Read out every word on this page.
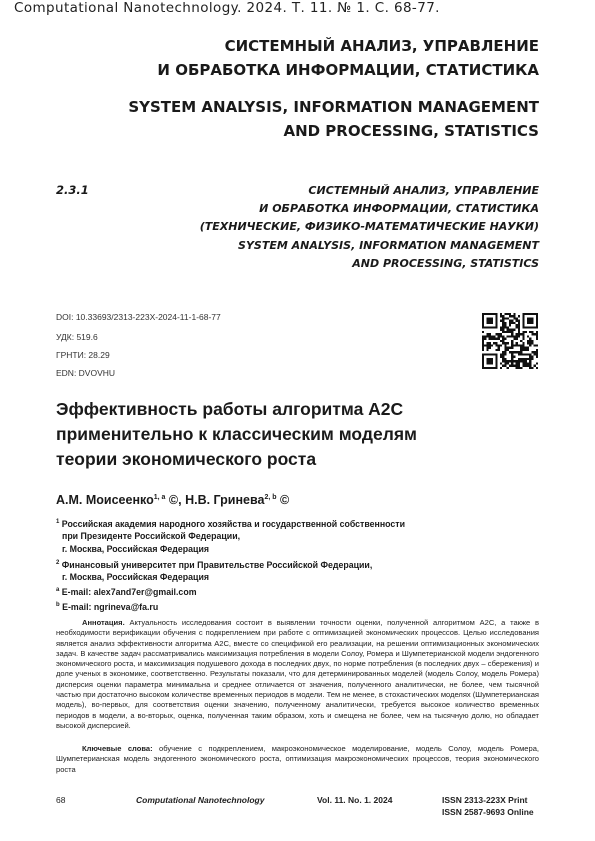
Computational Nanotechnology. 2024. Т. 11. № 1. С. 68-77.
СИСТЕМНЫЙ АНАЛИЗ, УПРАВЛЕНИЕ
И ОБРАБОТКА ИНФОРМАЦИИ, СТАТИСТИКА
SYSTEM ANALYSIS, INFORMATION MANAGEMENT
AND PROCESSING, STATISTICS
2.3.1	СИСТЕМНЫЙ АНАЛИЗ, УПРАВЛЕНИЕ
И ОБРАБОТКА ИНФОРМАЦИИ, СТАТИСТИКА
(ТЕХНИЧЕСКИЕ, ФИЗИКО-МАТЕМАТИЧЕСКИЕ НАУКИ)
SYSTEM ANALYSIS, INFORMATION MANAGEMENT
AND PROCESSING, STATISTICS
DOI: 10.33693/2313-223X-2024-11-1-68-77
УДК: 519.6
ГРНТИ: 28.29
EDN: DVOVHU
Эффективность работы алгоритма А2С
применительно к классическим моделям
теории экономического роста
А.М. Моисеенко$^{1, a}$ ©, Н.В. Гринева$^{2, b}$ ©
$^1$ Российская академия народного хозяйства и государственной собственности
при Президенте Российской Федерации,
г. Москва, Российская Федерация
$^2$ Финансовый университет при Правительстве Российской Федерации,
г. Москва, Российская Федерация
$^a$ E-mail: alex7and7er@gmail.com
$^b$ E-mail: ngrineva@fa.ru
Аннотация. Актуальность исследования состоит в выявлении точности оценки, полученной алгоритмом А2С, а также в необходимости верификации обучения с подкреплением при работе с оптимизацией экономических процессов. Целью исследования является анализ эффективности алгоритма А2С, вместе со спецификой его реализации, на решении оптимизационных экономических задач. В качестве задач рассматривались максимизация потребления в модели Солоу, Ромера и Шумпетерианской модели эндогенного экономического роста, и максимизация подушевого дохода в последних двух, по норме потребления (в последних двух – сбережения) и доле ученых в экономике, соответственно. Результаты показали, что для детерминированных моделей (модель Солоу, модель Ромера) дисперсия оценки параметра минимальна и среднее отличается от значения, полученного аналитически, не более, чем тысячной частью при достаточно высоком количестве временных периодов в модели. Тем не менее, в стохастических моделях (Шумпетерианская модель), во-первых, для соответствия оценки значению, полученному аналитически, требуется высокое количество временных периодов в модели, а во-вторых, оценка, полученная таким образом, хоть и смещена не более, чем на тысячную долю, но обладает высокой дисперсией.
Ключевые слова: обучение с подкреплением, макроэкономическое моделирование, модель Солоу, модель Ромера, Шумпетерианская модель эндогенного экономического роста, оптимизация макроэкономических процессов, теория экономического роста
68	Computational Nanotechnology	Vol. 11. No. 1. 2024	ISSN 2313-223X Print
ISSN 2587-9693 Online
